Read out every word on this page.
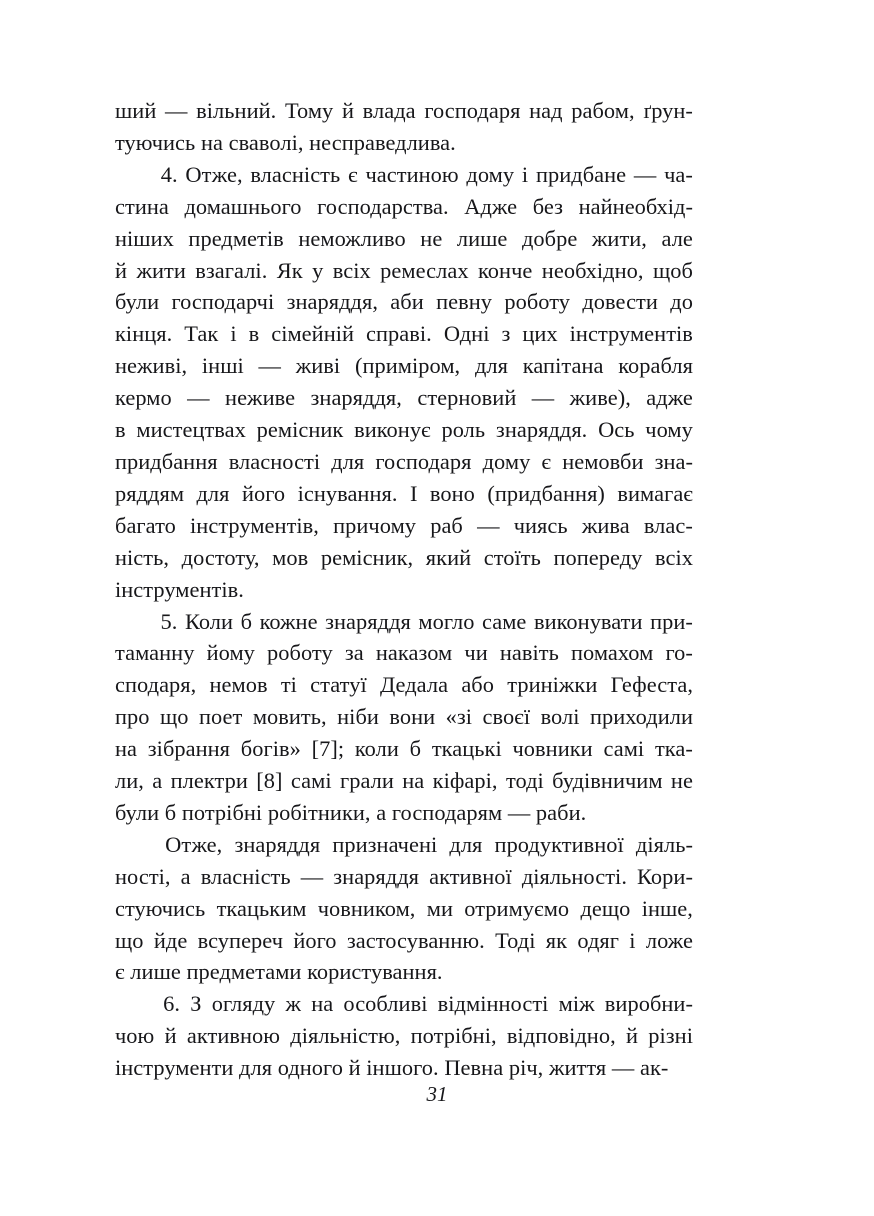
ший — вільний. Тому й влада господаря над рабом, ґрун-
туючись на сваволі, несправедлива.

4. Отже, власність є частиною дому і придбане — ча-
стина домашнього господарства. Адже без найнеобхід-
ніших предметів неможливо не лише добре жити, але
й жити взагалі. Як у всіх ремеслах конче необхідно, щоб
були господарчі знаряддя, аби певну роботу довести до
кінця. Так і в сімейній справі. Одні з цих інструментів
неживі, інші — живі (приміром, для капітана корабля
кермо — неживе знаряддя, стерновий — живе), адже
в мистецтвах ремісник виконує роль знаряддя. Ось чому
придбання власності для господаря дому є немовби зна-
ряддям для його існування. І воно (придбання) вимагає
багато інструментів, причому раб — чиясь жива влас-
ність, достоту, мов ремісник, який стоїть попереду всіх
інструментів.

5. Коли б кожне знаряддя могло саме виконувати при-
таманну йому роботу за наказом чи навіть помахом го-
сподаря, немов ті статуї Дедала або триніжки Гефеста,
про що поет мовить, ніби вони «зі своєї волі приходили
на зібрання богів» [7]; коли б ткацькі човники самі тка-
ли, а плектри [8] самі грали на кіфарі, тоді будівничим не
були б потрібні робітники, а господарям — раби.

Отже, знаряддя призначені для продуктивної діяль-
ності, а власність — знаряддя активної діяльності. Кори-
стуючись ткацьким човником, ми отримуємо дещо інше,
що йде всупереч його застосуванню. Тоді як одяг і ложе
є лише предметами користування.

6. З огляду ж на особливі відмінності між виробни-
чою й активною діяльністю, потрібні, відповідно, й різні
інструменти для одного й іншого. Певна річ, життя — ак-

31
